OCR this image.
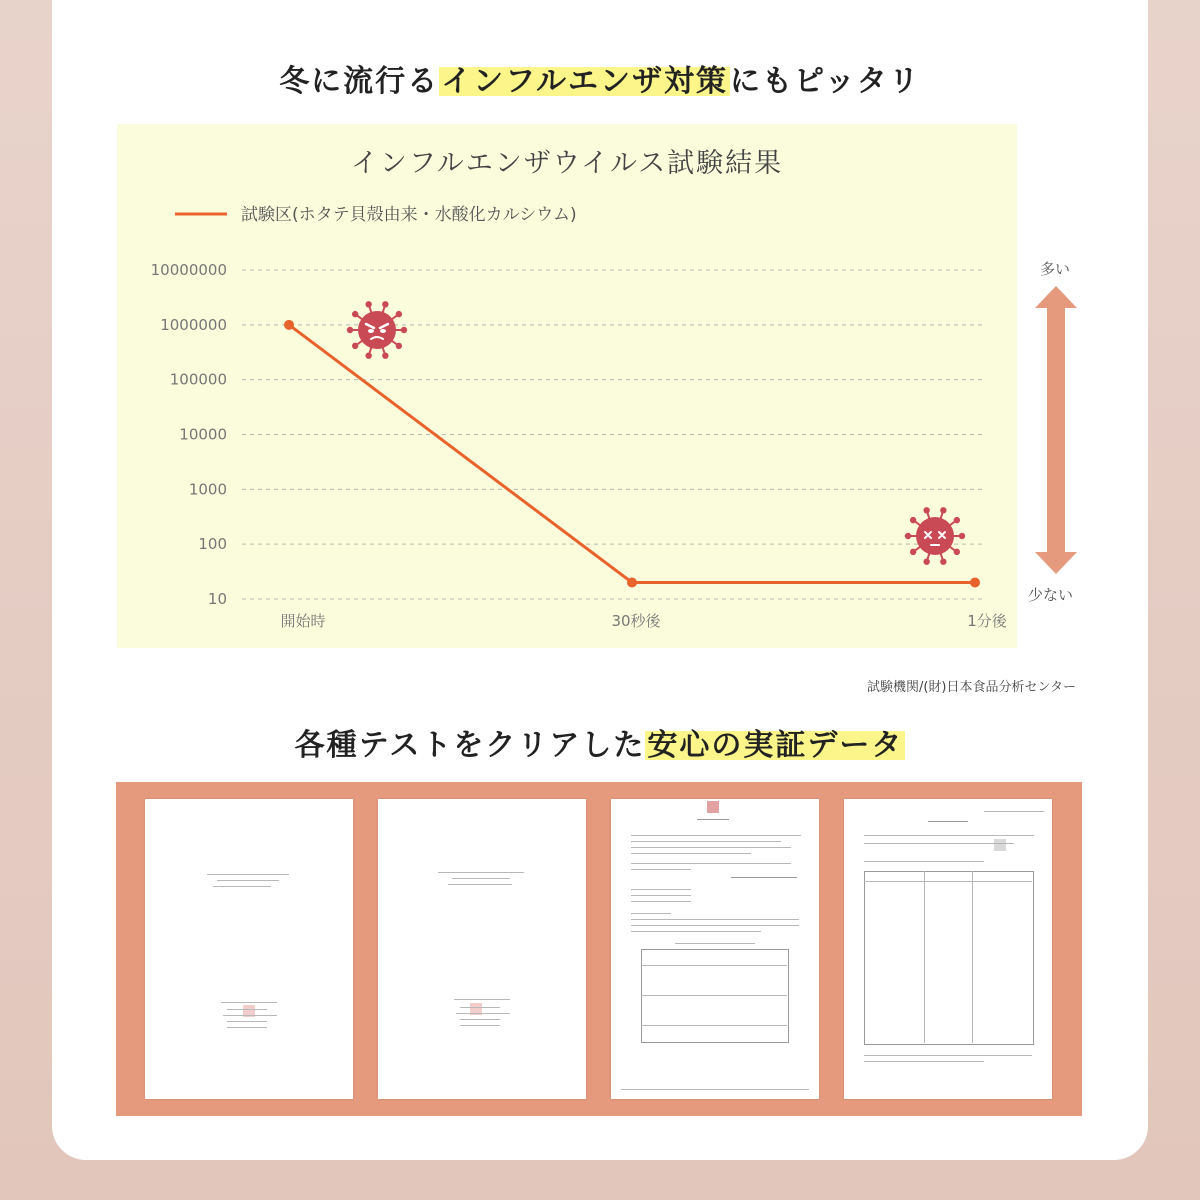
冬に流行るインフルエンザ対策にもピッタリ
インフルエンザウイルス試験結果
試験区(ホタテ貝殻由来・水酸化カルシウム)
10000000
1000000
100000
10000
1000
100
10
開始時	30秒後	1分後
多い
少ない
試験機関/(財)日本食品分析センター
各種テストをクリアした安心の実証データ
